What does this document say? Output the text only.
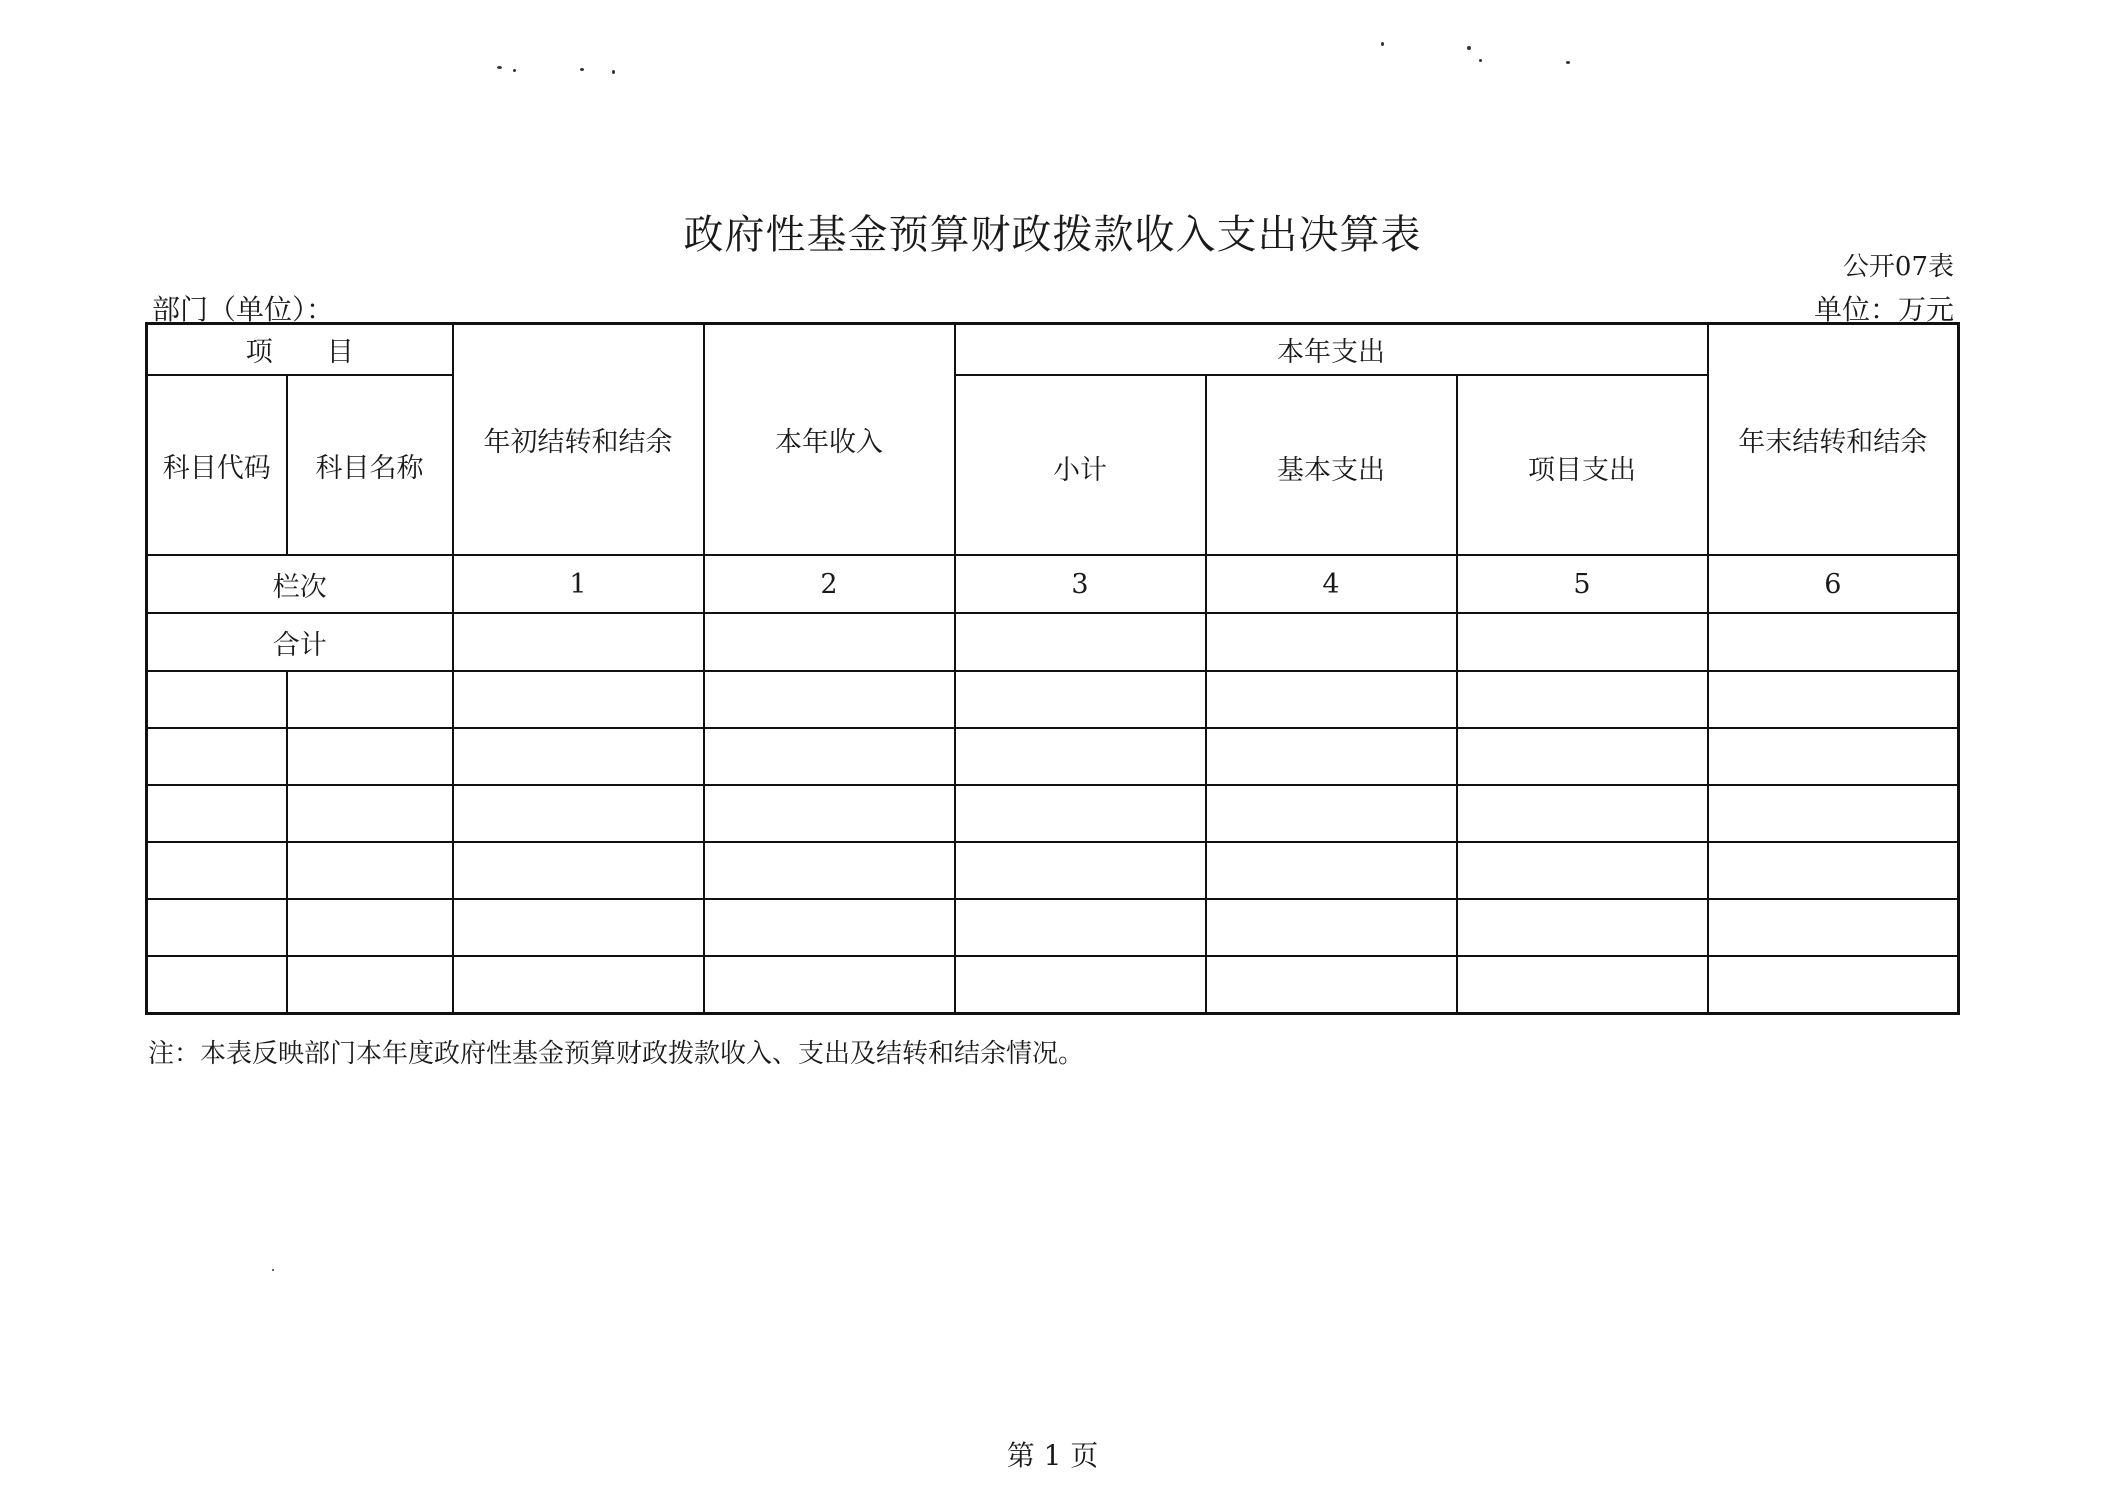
政府性基金预算财政拨款收入支出决算表
公开07表
部门（单位）：	单位：万元
项　　目		年初结转和结余	本年收入	本年支出			年末结转和结余
科目代码	科目名称			小计	基本支出	项目支出	
栏次		1	2	3	4	5	6
合计							

注：本表反映部门本年度政府性基金预算财政拨款收入、支出及结转和结余情况。
第 1 页
